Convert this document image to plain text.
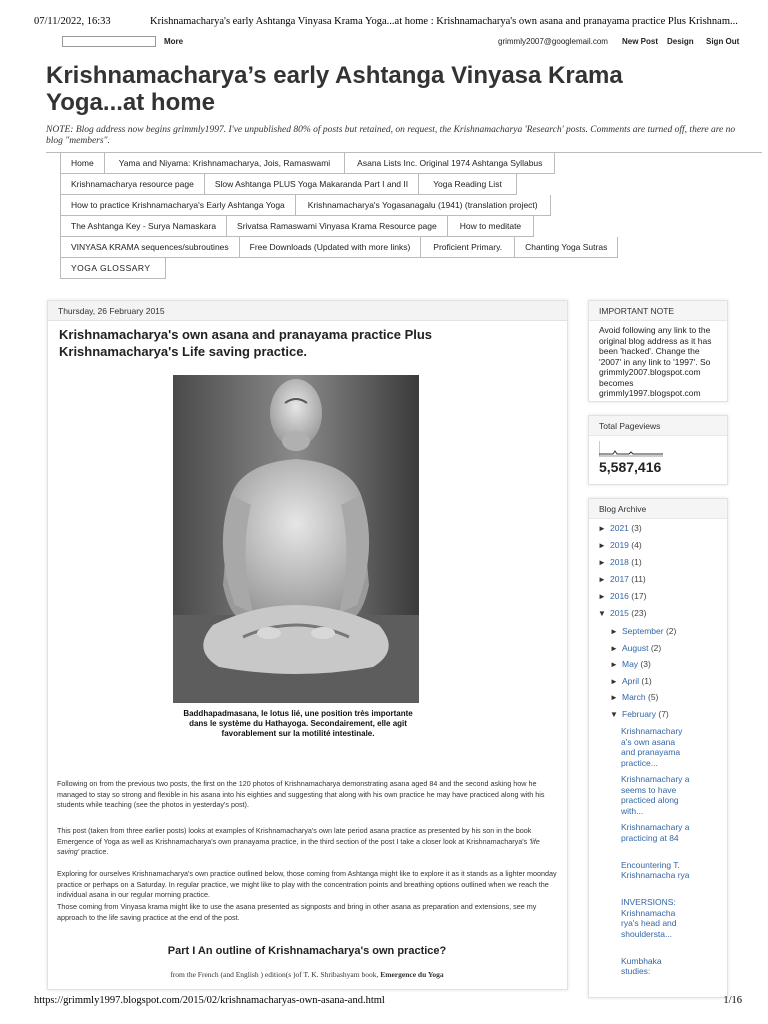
07/11/2022, 16:33	Krishnamacharya's early Ashtanga Vinyasa Krama Yoga...at home : Krishnamacharya's own asana and pranayama practice Plus Krishnam...
More	grimmly2007@googlemail.com New Post Design Sign Out
Krishnamacharya’s early Ashtanga Vinyasa Krama Yoga...at home

NOTE: Blog address now begins grimmly1997. I've unpublished 80% of posts but retained, on request, the Krishnamacharya 'Research' posts. Comments are turned off, there are no blog "members".

Home	Yama and Niyama: Krishnamacharya, Jois, Ramaswami	Asana Lists Inc. Original 1974 Ashtanga Syllabus
Krishnamacharya resource page	Slow Ashtanga PLUS Yoga Makaranda Part I and II	Yoga Reading List
How to practice Krishnamacharya's Early Ashtanga Yoga	Krishnamacharya's Yogasanagalu (1941) (translation project)
The Ashtanga Key - Surya Namaskara	Srivatsa Ramaswami Vinyasa Krama Resource page	How to meditate
VINYASA KRAMA sequences/subroutines	Free Downloads (Updated with more links)	Proficient Primary.	Chanting Yoga Sutras
YOGA GLOSSARY
Thursday, 26 February 2015
Krishnamacharya's own asana and pranayama practice Plus Krishnamacharya's Life saving practice.
Baddhapadmasana, le lotus lié, une position très importante dans le système du Hathayoga. Secondairement, elle agit favorablement sur la motilité intestinale.

Following on from the previous two posts, the first on the 120 photos of Krishnamacharya demonstrating asana aged 84 and the second asking how he managed to stay so strong and flexible in his asana into his eighties and suggesting that along with his own practice he may have practiced along with his students while teaching (see the photos in yesterday's post).

This post (taken from three earlier posts) looks at examples of Krishnamacharya's own late period asana practice as presented by his son in the book Emergence of Yoga as well as Krishnamacharya's own pranayama practice, in the third section of the post I take a closer look at Krishnamacharya's 'life saving' practice.

Exploring for ourselves Krishnamacharya's own practice outlined below, those coming from Ashtanga might like to explore it as it stands as a lighter moonday practice or perhaps on a Saturday. In regular practice, we might like to play with the concentration points and breathing options outlined when we reach the individual asana in our regular morning practice.

Those coming from Vinyasa krama might like to use the asana presented as signposts and bring in other asana as preparation and extensions, see my approach to the life saving practice at the end of the post.

Part I An outline of Krishnamacharya's own practice?

from the French (and English ) edition(s )of T. K. Shribashyam book, Emergence du Yoga

IMPORTANT NOTE
Avoid following any link to the original blog address as it has been 'hacked'. Change the '2007' in any link to '1997'. So grimmly2007.blogspot.com becomes grimmly1997.blogspot.com
Total Pageviews
5,587,416
Blog Archive
► 2021 (3)
► 2019 (4)
► 2018 (1)
► 2017 (11)
► 2016 (17)
▼ 2015 (23)
► September (2)
► August (2)
► May (3)
► April (1)
► March (5)
▼ February (7)
Krishnamachary a's own asana and pranayama practice...
Krishnamachary a seems to have practiced along with...
Krishnamachary a practicing at 84
Encountering T. Krishnamacha rya
INVERSIONS: Krishnamacha rya's head and shouldersta...
Kumbhaka studies:
https://grimmly1997.blogspot.com/2015/02/krishnamacharyas-own-asana-and.html	1/16
